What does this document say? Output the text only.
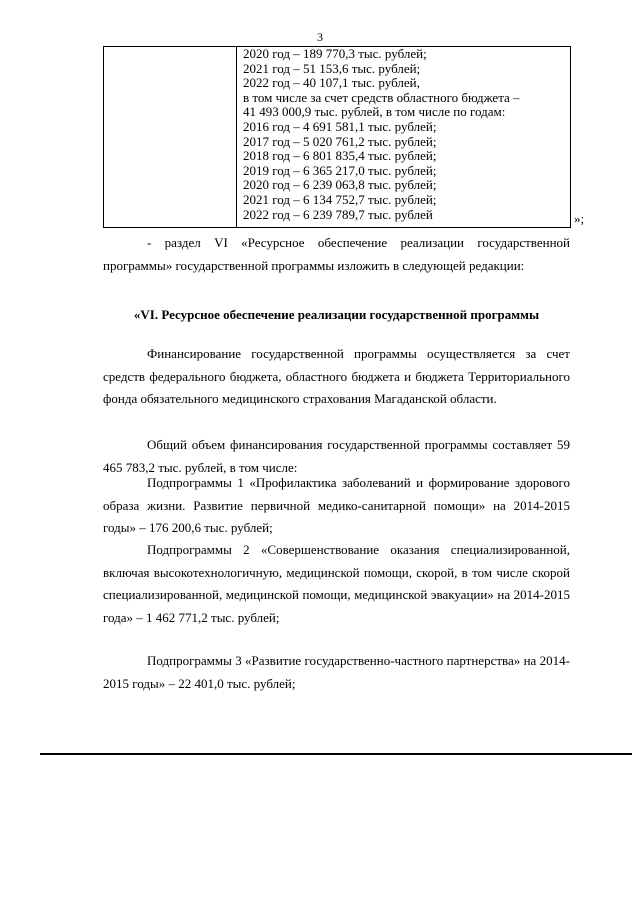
3
2020 год – 189 770,3 тыс. рублей;
2021 год – 51 153,6 тыс. рублей;
2022 год – 40 107,1 тыс. рублей,
в том числе за счет средств областного бюджета –
41 493 000,9 тыс. рублей, в том числе по годам:
2016 год – 4 691 581,1 тыс. рублей;
2017 год – 5 020 761,2 тыс. рублей;
2018 год – 6 801 835,4 тыс. рублей;
2019 год – 6 365 217,0 тыс. рублей;
2020 год – 6 239 063,8 тыс. рублей;
2021 год – 6 134 752,7 тыс. рублей;
2022 год – 6 239 789,7 тыс. рублей	»;
- раздел VI «Ресурсное обеспечение реализации государственной программы» государственной программы изложить в следующей редакции:
«VI. Ресурсное обеспечение реализации государственной программы
Финансирование государственной программы осуществляется за счет средств федерального бюджета, областного бюджета и бюджета Территориального фонда обязательного медицинского страхования Магаданской области.
Общий объем финансирования государственной программы составляет 59 465 783,2 тыс. рублей, в том числе:
Подпрограммы 1 «Профилактика заболеваний и формирование здорового образа жизни. Развитие первичной медико-санитарной помощи» на 2014-2015 годы» – 176 200,6 тыс. рублей;
Подпрограммы 2 «Совершенствование оказания специализированной, включая высокотехнологичную, медицинской помощи, скорой, в том числе скорой специализированной, медицинской помощи, медицинской эвакуации» на 2014-2015 года» – 1 462 771,2 тыс. рублей;
Подпрограммы 3 «Развитие государственно-частного партнерства» на 2014-2015 годы» – 22 401,0 тыс. рублей;
